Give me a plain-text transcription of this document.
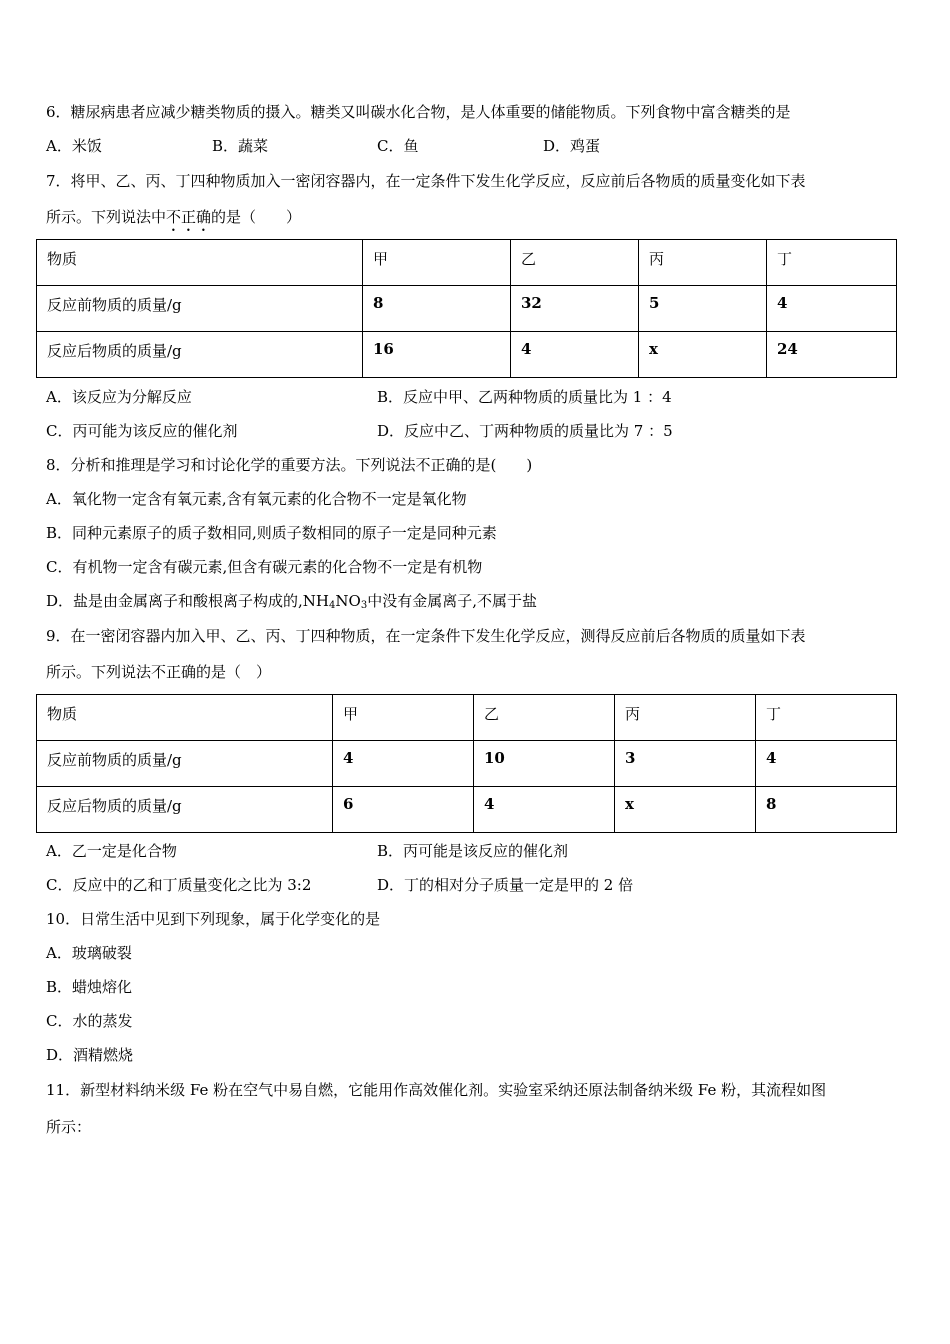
6．糖尿病患者应减少糖类物质的摄入。糖类又叫碳水化合物，是人体重要的储能物质。下列食物中富含糖类的是
A．米饭	B．蔬菜	C．鱼	D．鸡蛋
7．将甲、乙、丙、丁四种物质加入一密闭容器内，在一定条件下发生化学反应，反应前后各物质的质量变化如下表
所示。下列说法中不正确的是（　　）
物质	甲	乙	丙	丁
反应前物质的质量/g	8	32	5	4
反应后物质的质量/g	16	4	x	24
A．该反应为分解反应	B．反应中甲、乙两种物质的质量比为 1 ：4
C．丙可能为该反应的催化剂	D．反应中乙、丁两种物质的质量比为 7 ：5
8．分析和推理是学习和讨论化学的重要方法。下列说法不正确的是(　　)
A．氧化物一定含有氧元素,含有氧元素的化合物不一定是氧化物
B．同种元素原子的质子数相同,则质子数相同的原子一定是同种元素
C．有机物一定含有碳元素,但含有碳元素的化合物不一定是有机物
D．盐是由金属离子和酸根离子构成的$,NH_4NO_3$中没有金属离子,不属于盐
9．在一密闭容器内加入甲、乙、丙、丁四种物质，在一定条件下发生化学反应，测得反应前后各物质的质量如下表
所示。下列说法不正确的是（　）
物质	甲	乙	丙	丁
反应前物质的质量/g	4	10	3	4
反应后物质的质量/g	6	4	x	8
A．乙一定是化合物	B．丙可能是该反应的催化剂
C．反应中的乙和丁质量变化之比为 3:2	D．丁的相对分子质量一定是甲的 2 倍
10．日常生活中见到下列现象，属于化学变化的是
A．玻璃破裂
B．蜡烛熔化
C．水的蒸发
D．酒精燃烧
11．新型材料纳米级 Fe 粉在空气中易自燃，它能用作高效催化剂。实验室采纳还原法制备纳米级 Fe 粉，其流程如图
所示：
